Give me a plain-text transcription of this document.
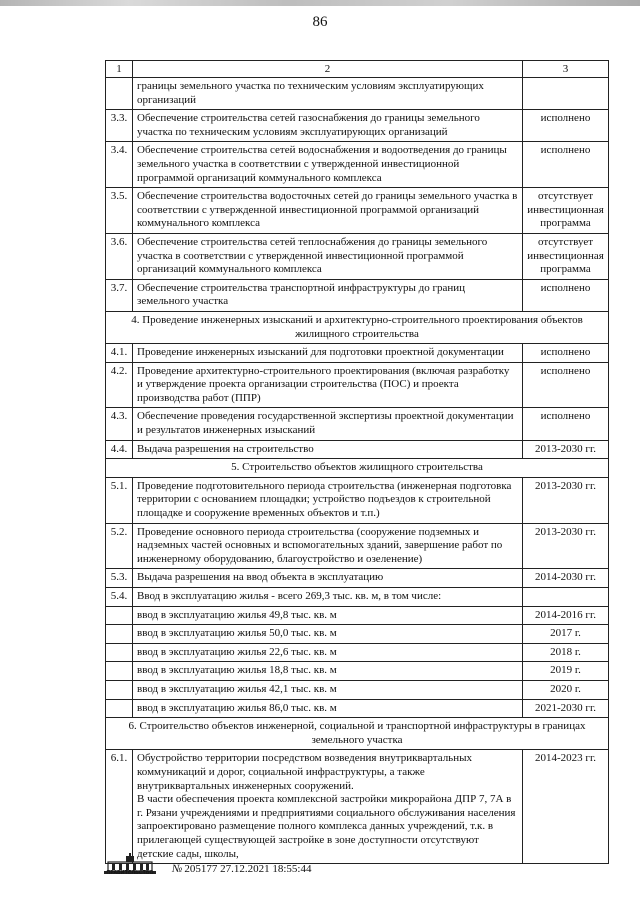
86
1	2	3
	границы земельного участка по техническим условиям эксплуатирующих организаций	
3.3.	Обеспечение строительства сетей газоснабжения до границы земельного участка по техническим условиям эксплуатирующих организаций	исполнено
3.4.	Обеспечение строительства сетей водоснабжения и водоотведения до границы земельного участка в соответствии с утвержденной инвестиционной программой организаций коммунального комплекса	исполнено
3.5.	Обеспечение строительства водосточных сетей до границы земельного участка в соответствии с утвержденной инвестиционной программой организаций коммунального комплекса	отсутствует инвестиционная программа
3.6.	Обеспечение строительства сетей теплоснабжения до границы земельного участка в соответствии с утвержденной инвестиционной программой организаций коммунального комплекса	отсутствует инвестиционная программа
3.7.	Обеспечение строительства транспортной инфраструктуры до границ земельного участка	исполнено
4. Проведение инженерных изысканий и архитектурно-строительного проектирования объектов жилищного строительства		
4.1.	Проведение инженерных изысканий для подготовки проектной документации	исполнено
4.2.	Проведение архитектурно-строительного проектирования (включая разработку и утверждение проекта организации строительства (ПОС) и проекта производства работ (ППР)	исполнено
4.3.	Обеспечение проведения государственной экспертизы проектной документации и результатов инженерных изысканий	исполнено
4.4.	Выдача разрешения на строительство	2013-2030 гг.
5. Строительство объектов жилищного строительства		
5.1.	Проведение подготовительного периода строительства (инженерная подготовка территории с основанием площадки; устройство подъездов к строительной площадке и сооружение временных объектов и т.п.)	2013-2030 гг.
5.2.	Проведение основного периода строительства (сооружение подземных и надземных частей основных и вспомогательных зданий, завершение работ по инженерному оборудованию, благоустройство и озеленение)	2013-2030 гг.
5.3.	Выдача разрешения на ввод объекта в эксплуатацию	2014-2030 гг.
5.4.	Ввод в эксплуатацию жилья - всего 269,3 тыс. кв. м, в том числе:	
	ввод в эксплуатацию жилья 49,8 тыс. кв. м	2014-2016 гг.
	ввод в эксплуатацию жилья 50,0 тыс. кв. м	2017 г.
	ввод в эксплуатацию жилья 22,6 тыс. кв. м	2018 г.
	ввод в эксплуатацию жилья 18,8 тыс. кв. м	2019 г.
	ввод в эксплуатацию жилья 42,1 тыс. кв. м	2020 г.
	ввод в эксплуатацию жилья 86,0 тыс. кв. м	2021-2030 гг.
6. Строительство объектов инженерной, социальной и транспортной инфраструктуры в границах земельного участка		
6.1.	Обустройство территории посредством возведения внутриквартальных коммуникаций и дорог, социальной инфраструктуры, а также внутриквартальных инженерных сооружений.
В части обеспечения проекта комплексной застройки микрорайона ДПР 7, 7А в г. Рязани учреждениями и предприятиями социального обслуживания населения запроектировано размещение полного комплекса данных учреждений, т.к. в прилегающей существующей застройке в зоне доступности отсутствуют детские сады, школы,	2014-2023 гг.
ПРАВИТЕЛЬСТВО	№ 205177 27.12.2021 18:55:44
